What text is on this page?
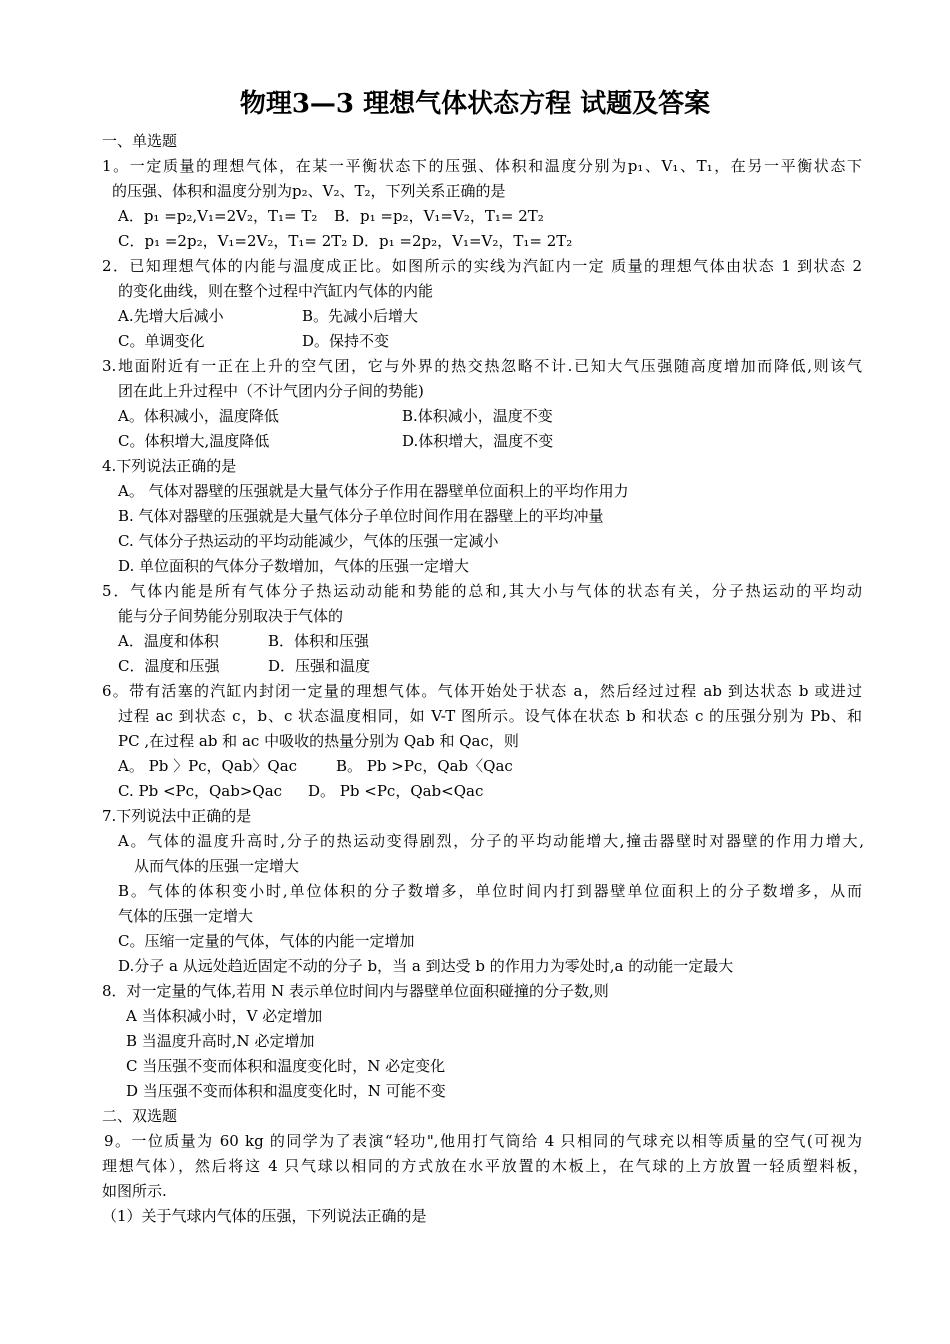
物理3—3 理想气体状态方程 试题及答案
一、单选题
1。一定质量的理想气体，在某一平衡状态下的压强、体积和温度分别为p₁、V₁、T₁，在另一平衡状态下
的压强、体积和温度分别为p₂、V₂、T₂，下列关系正确的是
A．p₁ =p₂,V₁=2V₂，T₁= T₂ B．p₁ =p₂，V₁=V₂，T₁= 2T₂
C．p₁ =2p₂，V₁=2V₂，T₁= 2T₂ D．p₁ =2p₂，V₁=V₂，T₁= 2T₂
2．已知理想气体的内能与温度成正比。如图所示的实线为汽缸内一定 质量的理想气体由状态 1 到状态 2
的变化曲线，则在整个过程中汽缸内气体的内能
A.先增大后减小	B。先减小后增大
C。单调变化	D。保持不变
3.地面附近有一正在上升的空气团，它与外界的热交热忽略不计.已知大气压强随高度增加而降低,则该气
团在此上升过程中（不计气团内分子间的势能)
A。体积减小，温度降低	B.体积减小，温度不变
C。体积增大,温度降低	D.体积增大，温度不变
4.下列说法正确的是
A。 气体对器壁的压强就是大量气体分子作用在器壁单位面积上的平均作用力
B. 气体对器壁的压强就是大量气体分子单位时间作用在器壁上的平均冲量
C. 气体分子热运动的平均动能减少，气体的压强一定减小
D. 单位面积的气体分子数增加，气体的压强一定增大
5．气体内能是所有气体分子热运动动能和势能的总和,其大小与气体的状态有关，分子热运动的平均动
能与分子间势能分别取决于气体的
A．温度和体积	B．体积和压强
C．温度和压强	D．压强和温度
6。带有活塞的汽缸内封闭一定量的理想气体。气体开始处于状态 a，然后经过过程 ab 到达状态 b 或进过
过程 ac 到状态 c，b、c 状态温度相同，如 V-T 图所示。设气体在状态 b 和状态 c 的压强分别为 Pb、和
PC ,在过程 ab 和 ac 中吸收的热量分别为 Qab 和 Qac，则
A。 Pb 〉Pc，Qab〉Qac	B。 Pb >Pc，Qab〈Qac
C. Pb <Pc，Qab>Qac D。 Pb <Pc，Qab<Qac
7.下列说法中正确的是
A。气体的温度升高时,分子的热运动变得剧烈，分子的平均动能增大,撞击器壁时对器壁的作用力增大,
从而气体的压强一定增大
B。气体的体积变小时,单位体积的分子数增多，单位时间内打到器壁单位面积上的分子数增多，从而
气体的压强一定增大
C。压缩一定量的气体，气体的内能一定增加
D.分子 a 从远处趋近固定不动的分子 b，当 a 到达受 b 的作用力为零处时,a 的动能一定最大
8．对一定量的气体,若用 N 表示单位时间内与器壁单位面积碰撞的分子数,则
A 当体积减小时，V 必定增加
B 当温度升高时,N 必定增加
C 当压强不变而体积和温度变化时，N 必定变化
D 当压强不变而体积和温度变化时，N 可能不变
二、双选题
9。一位质量为 60 kg 的同学为了表演“轻功",他用打气筒给 4 只相同的气球充以相等质量的空气(可视为
理想气体），然后将这 4 只气球以相同的方式放在水平放置的木板上，在气球的上方放置一轻质塑料板，
如图所示.
（1）关于气球内气体的压强，下列说法正确的是
